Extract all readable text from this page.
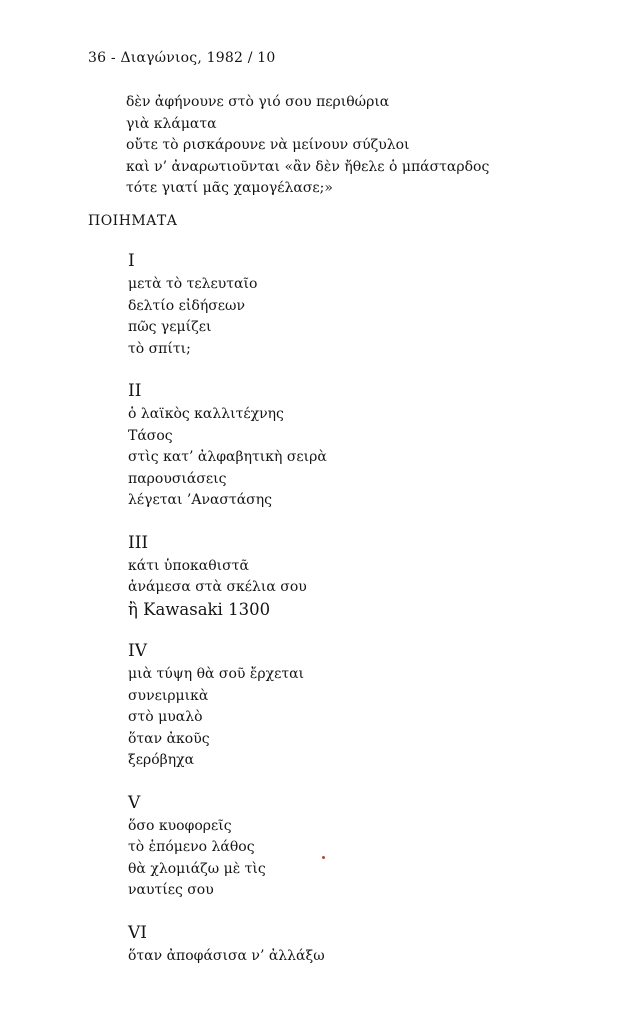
36 - Διαγώνιος, 1982 / 10
δὲν ἀφήνουνε στὸ γιό σου περιθώρια
γιὰ κλάματα
οὔτε τὸ ρισκάρουνε νὰ μείνουν σύζυλοι
καὶ ν’ ἀναρωτιοῦνται «ἂν δὲν ἤθελε ὁ μπάσταρδος
τότε γιατί μᾶς χαμογέλασε;»
ΠΟΙΗΜΑΤΑ
I
μετὰ τὸ τελευταῖο
δελτίο εἰδήσεων
πῶς γεμίζει
τὸ σπίτι;
II
ὁ λαϊκὸς καλλιτέχνης
Τάσος
στὶς κατ’ ἀλφαβητικὴ σειρὰ
παρουσιάσεις
λέγεται ’Αναστάσης
III
κάτι ὑποκαθιστᾶ
ἀνάμεσα στὰ σκέλια σου
ἢ Kawasaki 1300
IV
μιὰ τύψη θὰ σοῦ ἔρχεται
συνειρμικὰ
στὸ μυαλὸ
ὅταν ἀκοῦς
ξερόβηχα
V
ὅσο κυοφορεῖς
τὸ ἑπόμενο λάθος
θὰ χλομιάζω μὲ τὶς
ναυτίες σου
VI
ὅταν ἀποφάσισα ν’ ἀλλάξω
